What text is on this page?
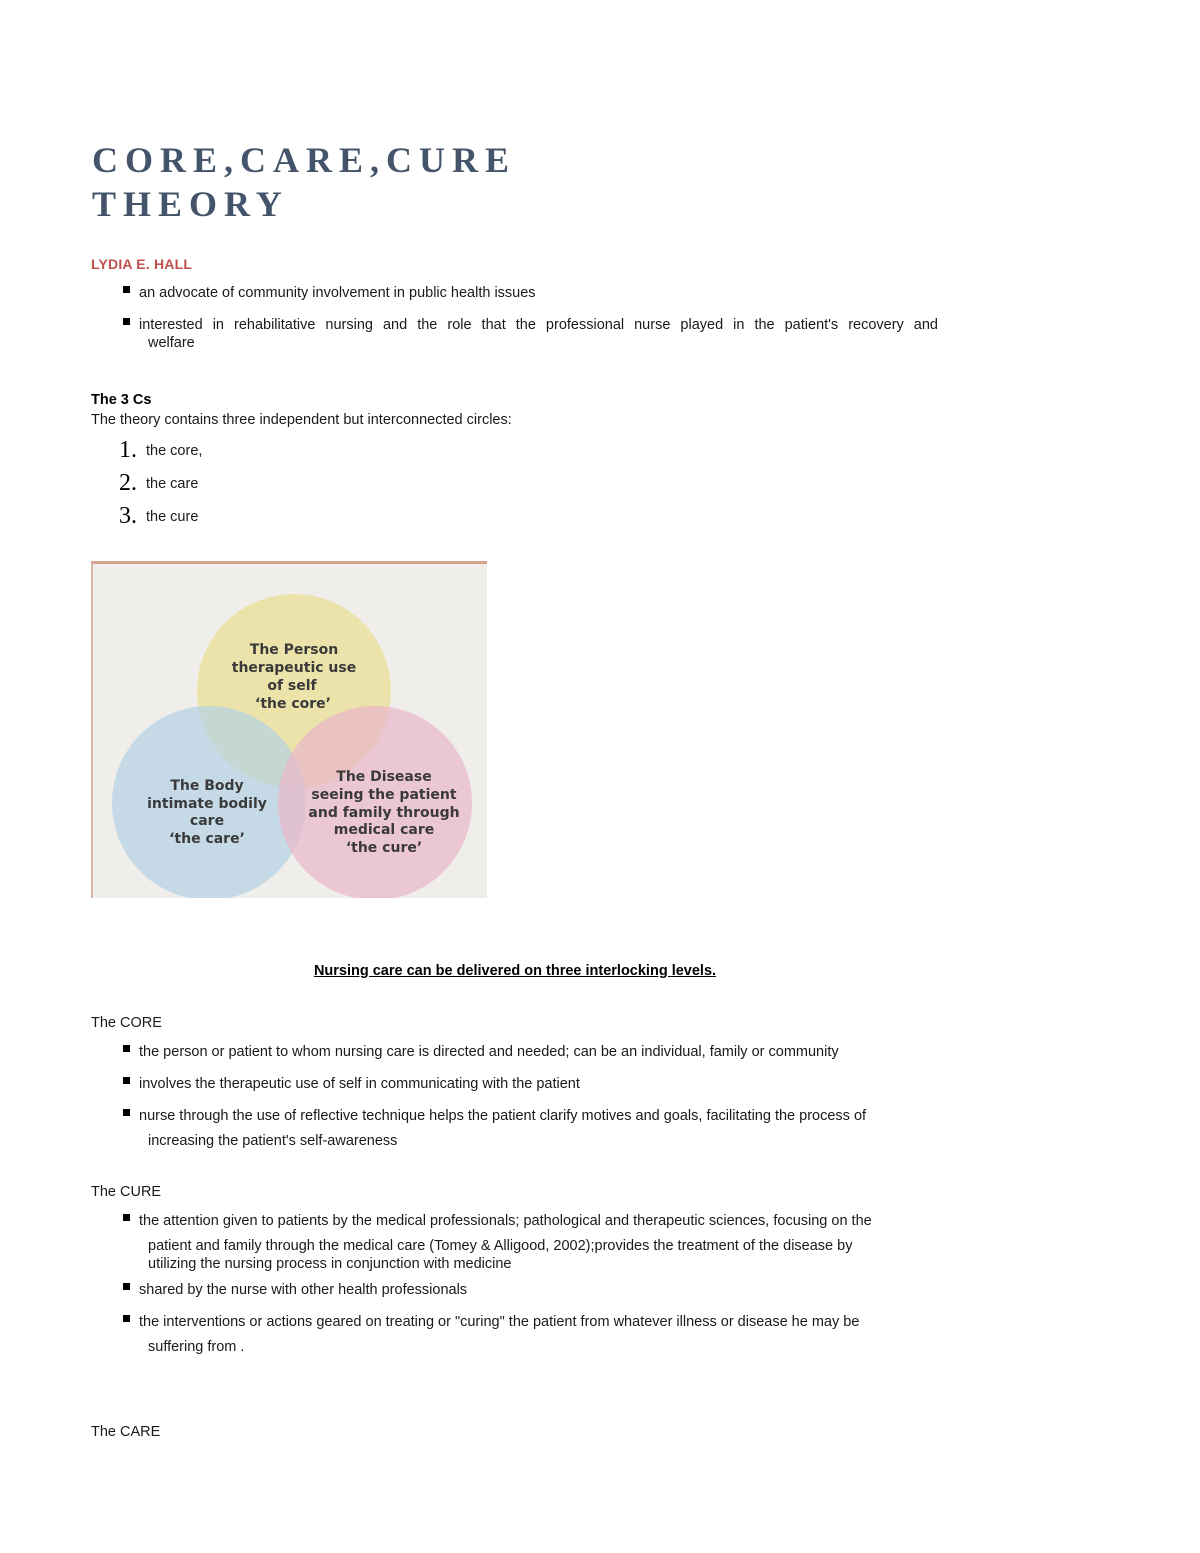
CORE,CARE,CURE
THEORY

LYDIA E. HALL

an advocate of community involvement in public health issues
interested in rehabilitative nursing and the role that the professional nurse played in the patient's recovery and
welfare

The 3 Cs

The theory contains three independent but interconnected circles:

1. the core,
2. the care
3. the cure
The Person
therapeutic use
of self
‘the core’
The Body
intimate bodily
care
‘the care’
The Disease
seeing the patient
and family through
medical care
‘the cure’

Nursing care can be delivered on three interlocking levels.

The CORE

the person or patient to whom nursing care is directed and needed; can be an individual, family or community
involves the therapeutic use of self in communicating with the patient
nurse through the use of reflective technique helps the patient clarify motives and goals, facilitating the process of
increasing the patient's self-awareness

The CURE

the attention given to patients by the medical professionals; pathological and therapeutic sciences, focusing on the
patient and family through the medical care (Tomey & Alligood, 2002);provides the treatment of the disease by
utilizing the nursing process in conjunction with medicine
shared by the nurse with other health professionals
the interventions or actions geared on treating or "curing" the patient from whatever illness or disease he may be
suffering from .

The CARE
